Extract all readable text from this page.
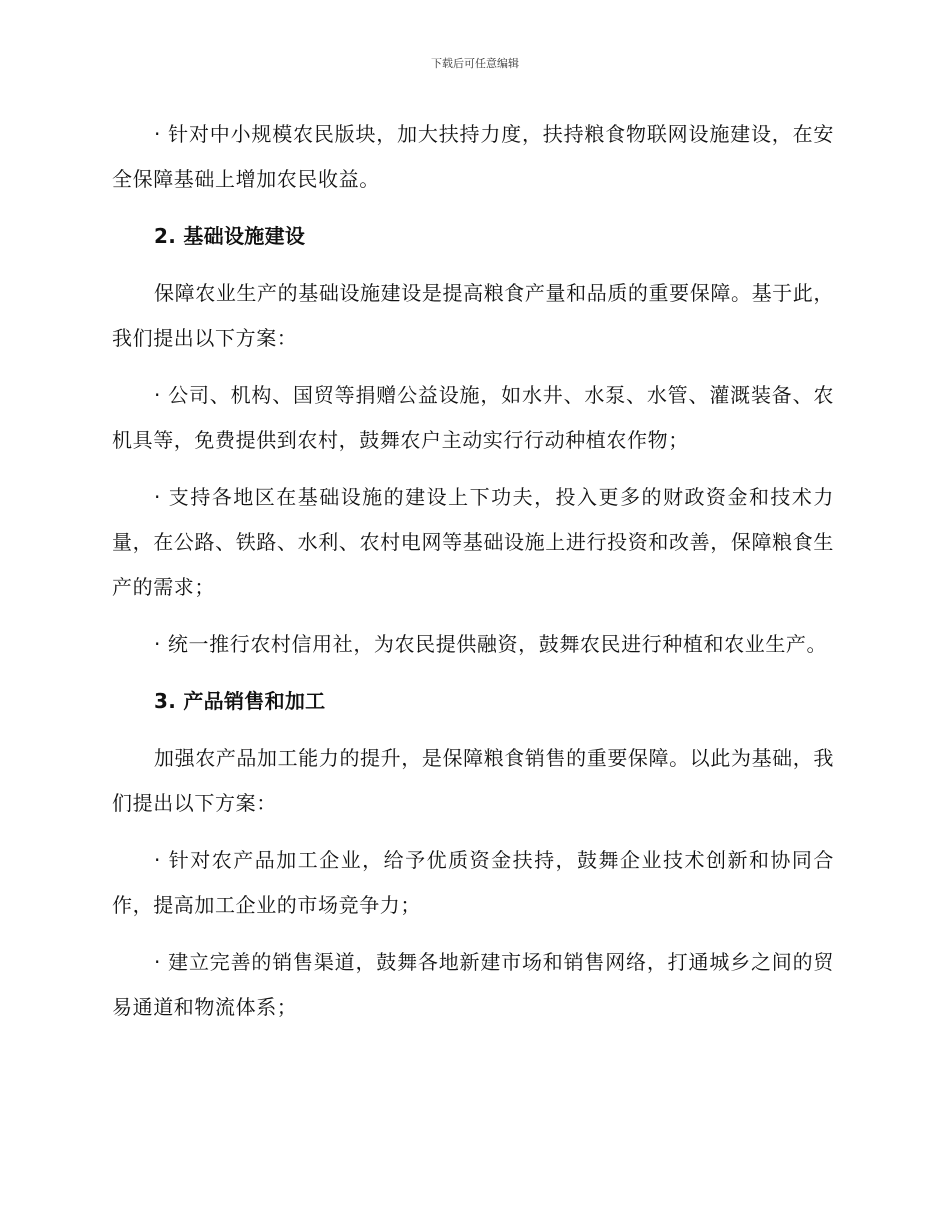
下载后可任意编辑

· 针对中小规模农民版块，加大扶持力度，扶持粮食物联网设施建设，在安全保障基础上增加农民收益。

2. 基础设施建设

保障农业生产的基础设施建设是提高粮食产量和品质的重要保障。基于此，我们提出以下方案：

· 公司、机构、国贸等捐赠公益设施，如水井、水泵、水管、灌溉装备、农机具等，免费提供到农村，鼓舞农户主动实行行动种植农作物；

· 支持各地区在基础设施的建设上下功夫，投入更多的财政资金和技术力量，在公路、铁路、水利、农村电网等基础设施上进行投资和改善，保障粮食生产的需求；

· 统一推行农村信用社，为农民提供融资，鼓舞农民进行种植和农业生产。

3. 产品销售和加工

加强农产品加工能力的提升，是保障粮食销售的重要保障。以此为基础，我们提出以下方案：

· 针对农产品加工企业，给予优质资金扶持，鼓舞企业技术创新和协同合作，提高加工企业的市场竞争力；

· 建立完善的销售渠道，鼓舞各地新建市场和销售网络，打通城乡之间的贸易通道和物流体系；
